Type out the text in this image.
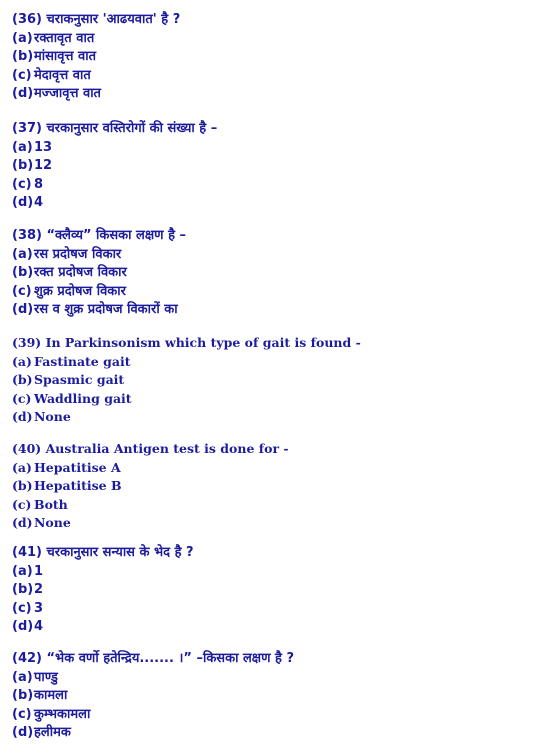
(36) चराकनुसार 'आढयवात' है ?
(a) रक्तावृत वात
(b) मांसावृत्त वात
(c) मेदावृत्त वात
(d) मज्जावृत्त वात
(37) चरकानुसार वस्तिरोगों की संख्या है –
(a) 13
(b) 12
(c) 8
(d) 4
(38) “क्लैव्य” किसका लक्षण है –
(a) रस प्रदोषज विकार
(b) रक्त प्रदोषज विकार
(c) शुक्र प्रदोषज विकार
(d) रस व शुक्र प्रदोषज विकारों का
(39) In Parkinsonism which type of gait is found -
(a) Fastinate gait
(b) Spasmic gait
(c) Waddling gait
(d) None
(40) Australia Antigen test is done for -
(a) Hepatitise A
(b) Hepatitise B
(c) Both
(d) None
(41) चरकानुसार सन्यास के भेद है ?
(a) 1
(b) 2
(c) 3
(d) 4
(42) “भेक वर्णो हतेन्द्रिय....... ।” –किसका लक्षण है ?
(a) पाण्डु
(b) कामला
(c) कुम्भकामला
(d) हलीमक
